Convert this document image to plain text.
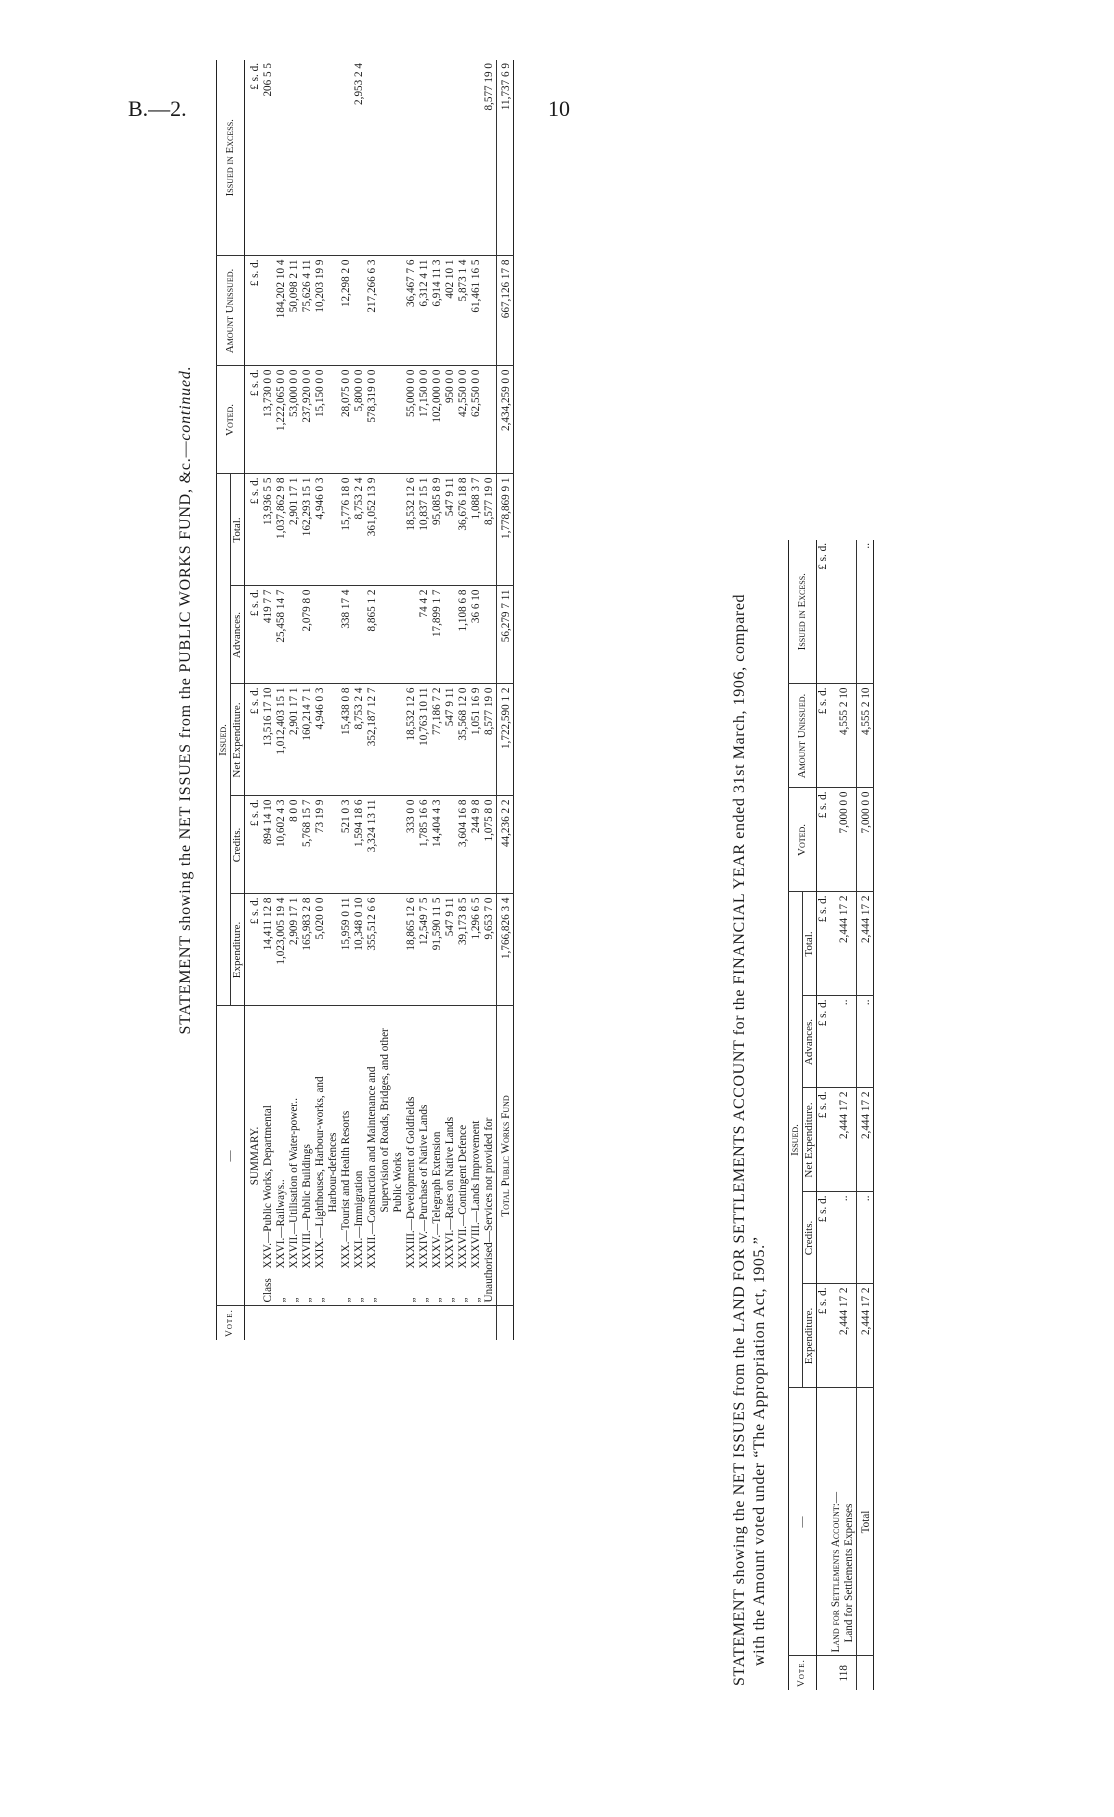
B.—2.	10
STATEMENT showing the NET ISSUES from the PUBLIC WORKS FUND, &c.—continued.
Vote.	—	Issued.					Voted.	Amount Unissued.	Issued in Excess.
		Expenditure.	Credits.	Net Expenditure.	Advances.	Total.			
	SUMMARY.	£ s. d.	£ s. d.	£ s. d.	£ s. d.	£ s. d.	£ s. d.	£ s. d.	£ s. d.
	ClassXXV.—Public Works, Departmental	14,411 12 8	894 14 10	13,516 17 10	419 7 7	13,936 5 5	13,730 0 0		206 5 5
	„XXVI.—Railways..	1,023,005 19 4	10,602 4 3	1,012,403 15 1	25,458 14 7	1,037,862 9 8	1,222,065 0 0	184,202 10 4	
	„XXVII.—Utilisation of Water-power..	2,909 17 1	8 0 0	2,901 17 1		2,901 17 1	53,000 0 0	50,098 2 11	
	„XXVIII.—Public Buildings	165,983 2 8	5,768 15 7	160,214 7 1	2,079 8 0	162,293 15 1	237,920 0 0	75,626 4 11	
	„XXIX.—Lighthouses, Harbour-works, and Harbour-defences	5,020 0 0	73 19 9	4,946 0 3		4,946 0 3	15,150 0 0	10,203 19 9	
	„XXX.—Tourist and Health Resorts	15,959 0 11	521 0 3	15,438 0 8	338 17 4	15,776 18 0	28,075 0 0	12,298 2 0	
	„XXXI.—Immigration	10,348 0 10	1,594 18 6	8,753 2 4		8,753 2 4	5,800 0 0		2,953 2 4
	„XXXII.—Construction and Maintenance and Supervision of Roads, Bridges, and other Public Works	355,512 6 6	3,324 13 11	352,187 12 7	8,865 1 2	361,052 13 9	578,319 0 0	217,266 6 3	
	„XXXIII.—Development of Goldfields	18,865 12 6	333 0 0	18,532 12 6		18,532 12 6	55,000 0 0	36,467 7 6	
	„XXXIV.—Purchase of Native Lands	12,549 7 5	1,785 16 6	10,763 10 11	74 4 2	10,837 15 1	17,150 0 0	6,312 4 11	
	„XXXV.—Telegraph Extension	91,590 11 5	14,404 4 3	77,186 7 2	17,899 1 7	95,085 8 9	102,000 0 0	6,914 11 3	
	„XXXVI.—Rates on Native Lands	547 9 11		547 9 11		547 9 11	950 0 0	402 10 1	
	„XXXVII.—Contingent Defence	39,173 8 5	3,604 16 8	35,568 12 0	1,108 6 8	36,676 18 8	42,550 0 0	5,873 1 4	
	„XXXVIII.—Lands Improvement	1,296 6 5	244 9 8	1,051 16 9	36 6 10	1,088 3 7	62,550 0 0	61,461 16 5	
	Unauthorised—Services not provided for	9,653 7 0	1,075 8 0	8,577 19 0		8,577 19 0			8,577 19 0
	Total Public Works Fund	1,766,826 3 4	44,236 2 2	1,722,590 1 2	56,279 7 11	1,778,869 9 1	2,434,259 0 0	667,126 17 8	11,737 6 9
STATEMENT showing the NET ISSUES from the LAND FOR SETTLEMENTS ACCOUNT for the FINANCIAL YEAR ended 31st March, 1906, compared with the Amount voted under “The Appropriation Act, 1905.”
Vote.	—	Issued.					Voted.	Amount Unissued.	Issued in Excess.
		Expenditure.	Credits.	Net Expenditure.	Advances.	Total.			
		£ s. d.	£ s. d.	£ s. d.	£ s. d.	£ s. d.	£ s. d.	£ s. d.	£ s. d.
118	Land for Settlements Account:— Land for Settlements Expenses	2,444 17 2	..	2,444 17 2	..	2,444 17 2	7,000 0 0	4,555 2 10	
	Total	2,444 17 2	..	2,444 17 2	..	2,444 17 2	7,000 0 0	4,555 2 10	..
